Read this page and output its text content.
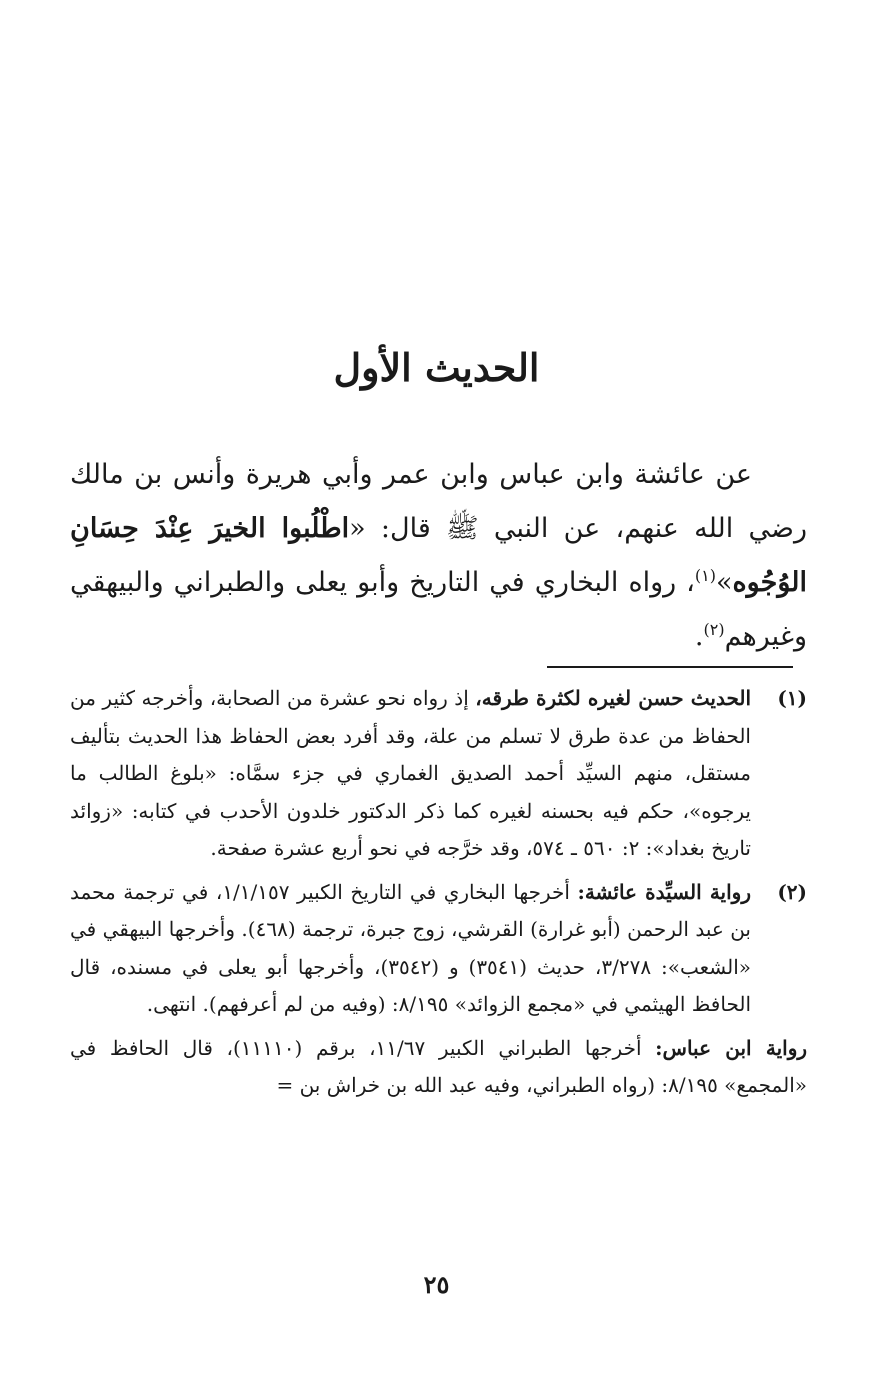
الحديث الأول

عن عائشة وابن عباس وابن عمر وأبي هريرة وأنس بن مالك رضي الله عنهم، عن النبي ﷺ قال: «اطْلُبوا الخيرَ عِنْدَ حِسَانِ الوُجُوه»$^{(١)}$، رواه البخاري في التاريخ وأبو يعلى والطبراني والبيهقي وغيرهم$^{(٢)}$.

(١)
الحديث حسن لغيره لكثرة طرقه، إذ رواه نحو عشرة من الصحابة، وأخرجه كثير من الحفاظ من عدة طرق لا تسلم من علة، وقد أفرد بعض الحفاظ هذا الحديث بتأليف مستقل، منهم السيِّد أحمد الصديق الغماري في جزء سمَّاه: «بلوغ الطالب ما يرجوه»، حكم فيه بحسنه لغيره كما ذكر الدكتور خلدون الأحدب في كتابه: «زوائد تاريخ بغداد»: ٢: ٥٦٠ ـ ٥٧٤، وقد خرَّجه في نحو أربع عشرة صفحة.
(٢)
رواية السيِّدة عائشة: أخرجها البخاري في التاريخ الكبير ١/١/١٥٧، في ترجمة محمد بن عبد الرحمن (أبو غرارة) القرشي، زوج جبرة، ترجمة (٤٦٨). وأخرجها البيهقي في «الشعب»: ٣/٢٧٨، حديث (٣٥٤١) و (٣٥٤٢)، وأخرجها أبو يعلى في مسنده، قال الحافظ الهيثمي في «مجمع الزوائد» ٨/١٩٥: (وفيه من لم أعرفهم). انتهى.

رواية ابن عباس: أخرجها الطبراني الكبير ١١/٦٧، برقم (١١١١٠)، قال الحافظ في «المجمع» ٨/١٩٥: (رواه الطبراني، وفيه عبد الله بن خراش بن =

٢٥
